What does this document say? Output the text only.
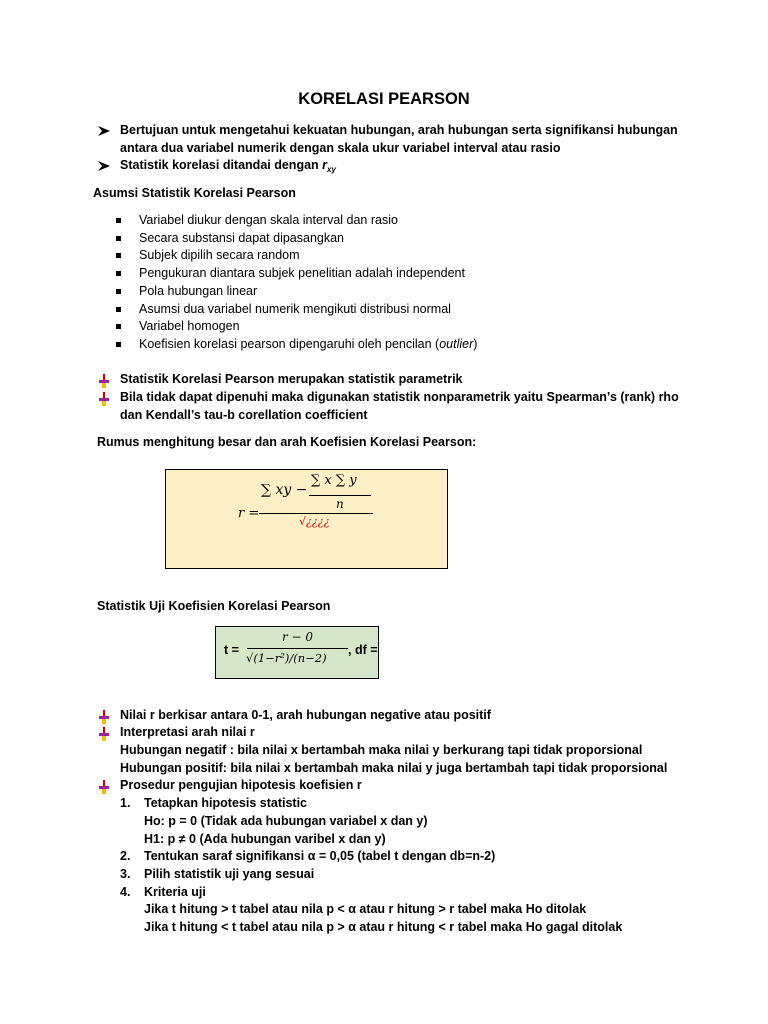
KORELASI PEARSON
Bertujuan untuk mengetahui kekuatan hubungan, arah hubungan serta signifikansi hubungan
antara dua variabel numerik dengan skala ukur variabel interval atau rasio
Statistik korelasi ditandai dengan $r_{xy}$
Asumsi Statistik Korelasi Pearson
Variabel diukur dengan skala interval dan rasio
Secara substansi dapat dipasangkan
Subjek dipilih secara random
Pengukuran diantara subjek penelitian adalah independent
Pola hubungan linear
Asumsi dua variabel numerik mengikuti distribusi normal
Variabel homogen
Koefisien korelasi pearson dipengaruhi oleh pencilan (outlier)
Statistik Korelasi Pearson merupakan statistik parametrik
Bila tidak dapat dipenuhi maka digunakan statistik nonparametrik yaitu Spearman’s (rank) rho
dan Kendall’s tau-b corellation coefficient
Rumus menghitung besar dan arah Koefisien Korelasi Pearson:
r =
∑ xy −
∑ x ∑ y
n
√¿¿¿¿
Statistik Uji Koefisien Korelasi Pearson
t =
r − 0
√(1−r²)/(n−2)
, df =
Nilai r berkisar antara 0-1, arah hubungan negative atau positif
Interpretasi arah nilai r
Hubungan negatif : bila nilai x bertambah maka nilai y berkurang tapi tidak proporsional
Hubungan positif: bila nilai x bertambah maka nilai y juga bertambah tapi tidak proporsional
Prosedur pengujian hipotesis koefisien r
1. Tetapkan hipotesis statistic
Ho: p = 0 (Tidak ada hubungan variabel x dan y)
H1: p ≠ 0 (Ada hubungan varibel x dan y)
2. Tentukan saraf signifikansi α = 0,05 (tabel t dengan db=n-2)
3. Pilih statistik uji yang sesuai
4. Kriteria uji
Jika t hitung > t tabel atau nila p < α atau r hitung > r tabel maka Ho ditolak
Jika t hitung < t tabel atau nila p > α atau r hitung < r tabel maka Ho gagal ditolak
